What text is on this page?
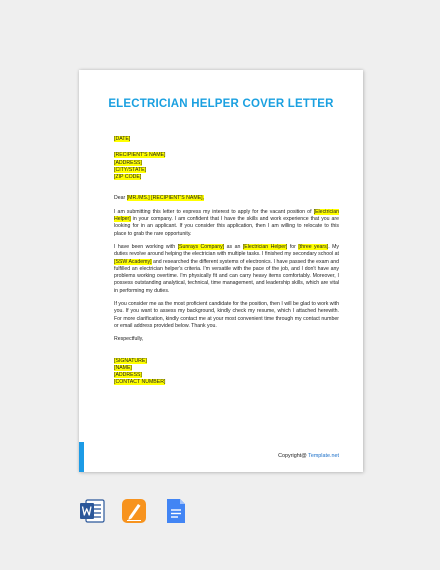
ELECTRICIAN HELPER COVER LETTER
[DATE]
[RECIPIENT'S NAME]
[ADDRESS]
[CITY/STATE]
[ZIP CODE]
Dear [MR./MS.] [RECIPIENT'S NAME],

I am submitting this letter to express my interest to apply for the vacant position of [Electrician Helper] in your company. I am confident that I have the skills and work experience that you are looking for in an applicant. If you consider this application, then I am willing to relocate to this place to grab the rare opportunity.

I have been working with [Sunrays Company] as an [Electrician Helper] for [three years]. My duties revolve around helping the electrician with multiple tasks. I finished my secondary school at [SSW Academy] and researched the different systems of electronics. I have passed the exam and fulfilled an electrician helper's criteria. I'm versatile with the pace of the job, and I don't have any problems working overtime. I'm physically fit and can carry heavy items comfortably. Moreover, I possess outstanding analytical, technical, time management, and leadership skills, which are vital in performing my duties.

If you consider me as the most proficient candidate for the position, then I will be glad to work with you. If you want to assess my background, kindly check my resume, which I attached herewith. For more clarification, kindly contact me at your most convenient time through my contact number or email address provided below. Thank you.

Respectfully,
[SIGNATURE]
[NAME]
[ADDRESS]
[CONTACT NUMBER]
Copyright@ Template.net
